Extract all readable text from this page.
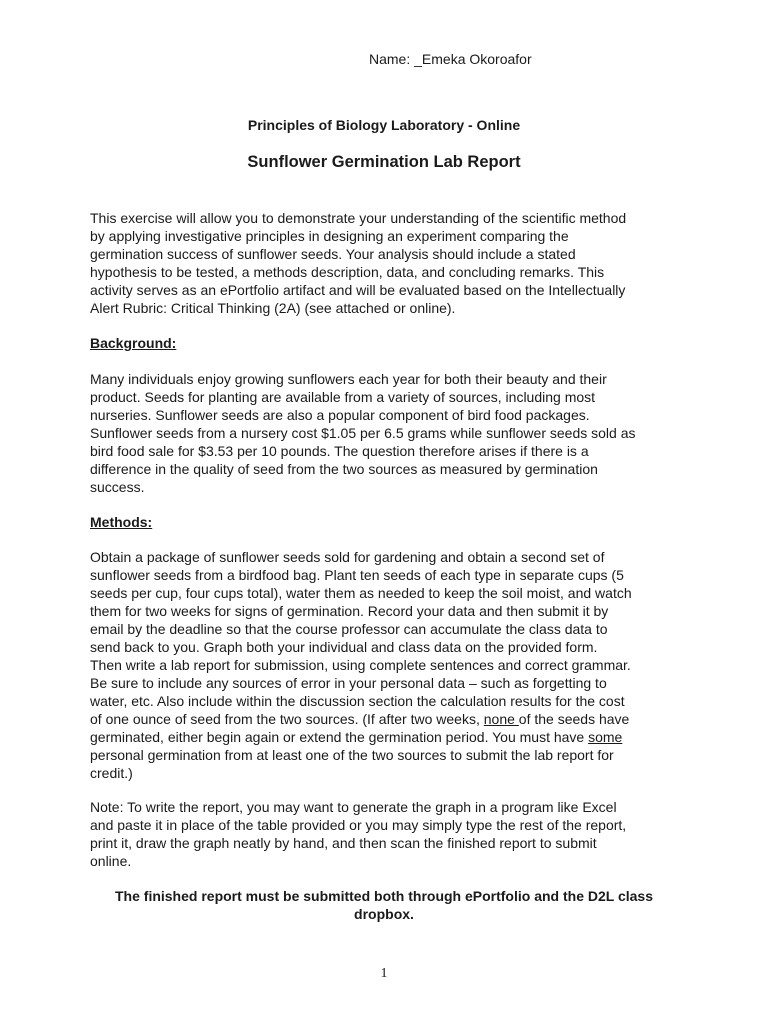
Name: _Emeka Okoroafor
Principles of Biology Laboratory - Online
Sunflower Germination Lab Report
This exercise will allow you to demonstrate your understanding of the scientific method
by applying investigative principles in designing an experiment comparing the
germination success of sunflower seeds. Your analysis should include a stated
hypothesis to be tested, a methods description, data, and concluding remarks. This
activity serves as an ePortfolio artifact and will be evaluated based on the Intellectually
Alert Rubric: Critical Thinking (2A) (see attached or online).
Background:
Many individuals enjoy growing sunflowers each year for both their beauty and their
product. Seeds for planting are available from a variety of sources, including most
nurseries. Sunflower seeds are also a popular component of bird food packages.
Sunflower seeds from a nursery cost $1.05 per 6.5 grams while sunflower seeds sold as
bird food sale for $3.53 per 10 pounds. The question therefore arises if there is a
difference in the quality of seed from the two sources as measured by germination
success.
Methods:
Obtain a package of sunflower seeds sold for gardening and obtain a second set of
sunflower seeds from a birdfood bag. Plant ten seeds of each type in separate cups (5
seeds per cup, four cups total), water them as needed to keep the soil moist, and watch
them for two weeks for signs of germination. Record your data and then submit it by
email by the deadline so that the course professor can accumulate the class data to
send back to you. Graph both your individual and class data on the provided form.
Then write a lab report for submission, using complete sentences and correct grammar.
Be sure to include any sources of error in your personal data – such as forgetting to
water, etc. Also include within the discussion section the calculation results for the cost
of one ounce of seed from the two sources. (If after two weeks, none of the seeds have
germinated, either begin again or extend the germination period. You must have some
personal germination from at least one of the two sources to submit the lab report for
credit.)
Note: To write the report, you may want to generate the graph in a program like Excel
and paste it in place of the table provided or you may simply type the rest of the report,
print it, draw the graph neatly by hand, and then scan the finished report to submit
online.
The finished report must be submitted both through ePortfolio and the D2L class
dropbox.
1
